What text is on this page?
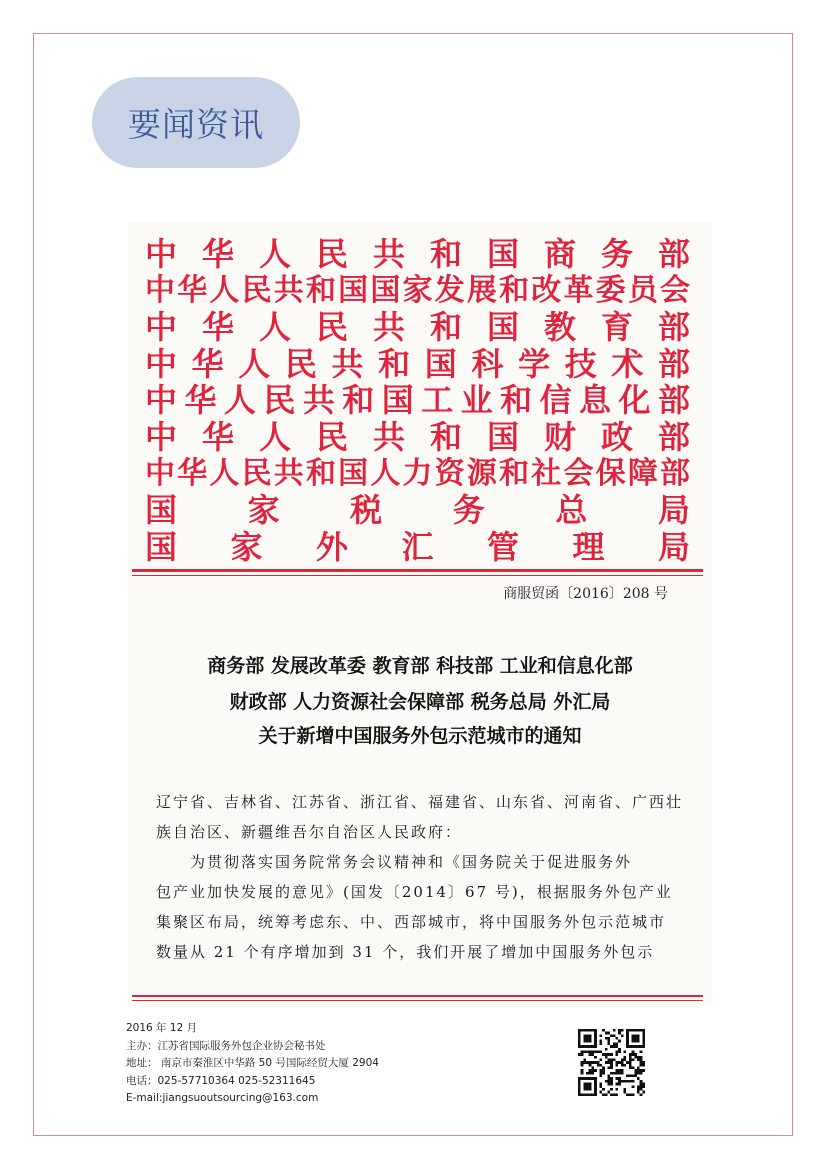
要闻资讯
中 华 人 民 共 和 国 商 务 部
中 华 人 民 共 和 国 国 家 发 展 和 改 革 委 员 会
中 华 人 民 共 和 国 教 育 部
中 华 人 民 共 和 国 科 学 技 术 部
中 华 人 民 共 和 国 工 业 和 信 息 化 部
中 华 人 民 共 和 国 财 政 部
中 华 人 民 共 和 国 人 力 资 源 和 社 会 保 障 部
国 家 税 务 总 局
国 家 外 汇 管 理 局
商服贸函〔2016〕208 号
商务部 发展改革委 教育部 科技部 工业和信息化部
财政部 人力资源社会保障部 税务总局 外汇局
关于新增中国服务外包示范城市的通知
辽宁省、吉林省、江苏省、浙江省、福建省、山东省、河南省、广西壮
族自治区、新疆维吾尔自治区人民政府：
为贯彻落实国务院常务会议精神和《国务院关于促进服务外
包产业加快发展的意见》(国发〔2014〕67 号)，根据服务外包产业
集聚区布局，统筹考虑东、中、西部城市，将中国服务外包示范城市
数量从 21 个有序增加到 31 个，我们开展了增加中国服务外包示
2016 年 12 月
主办：江苏省国际服务外包企业协会秘书处
地址： 南京市秦淮区中华路 50 号国际经贸大厦 2904
电话：025-57710364 025-52311645
E-mail:jiangsuoutsourcing@163.com
